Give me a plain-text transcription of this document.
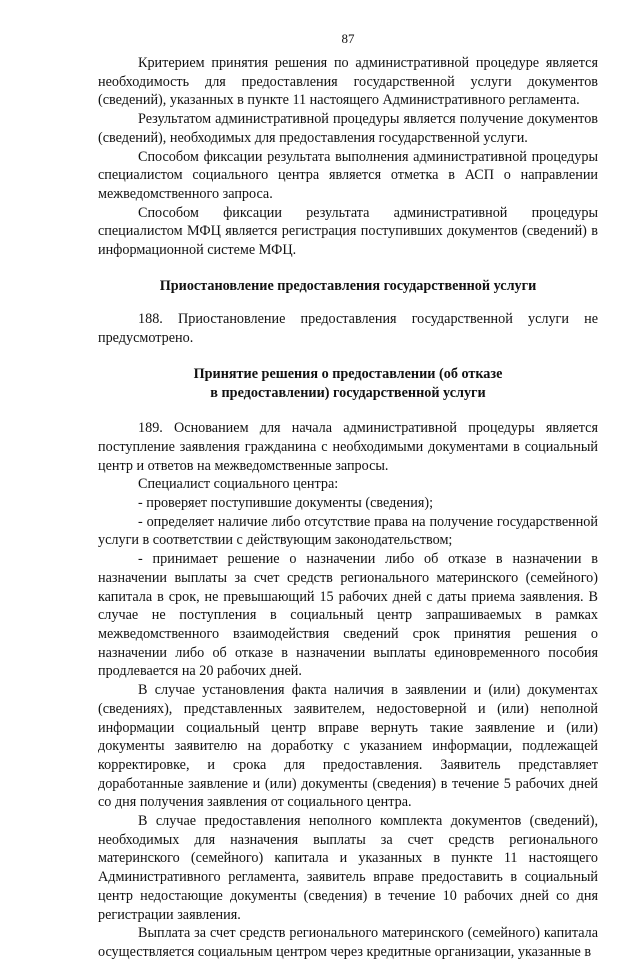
87
Критерием принятия решения по административной процедуре является необходимость для предоставления государственной услуги документов (сведений), указанных в пункте 11 настоящего Административного регламента.
Результатом административной процедуры является получение документов (сведений), необходимых для предоставления государственной услуги.
Способом фиксации результата выполнения административной процедуры специалистом социального центра является отметка в АСП о направлении межведомственного запроса.
Способом фиксации результата административной процедуры специалистом МФЦ является регистрация поступивших документов (сведений) в информационной системе МФЦ.
Приостановление предоставления государственной услуги
188. Приостановление предоставления государственной услуги не предусмотрено.
Принятие решения о предоставлении (об отказе
в предоставлении) государственной услуги
189. Основанием для начала административной процедуры является поступление заявления гражданина с необходимыми документами в социальный центр и ответов на межведомственные запросы.
Специалист социального центра:
- проверяет поступившие документы (сведения);
- определяет наличие либо отсутствие права на получение государственной услуги в соответствии с действующим законодательством;
- принимает решение о назначении либо об отказе в назначении в назначении выплаты за счет средств регионального материнского (семейного) капитала в срок, не превышающий 15 рабочих дней с даты приема заявления. В случае не поступления в социальный центр запрашиваемых в рамках межведомственного взаимодействия сведений срок принятия решения о назначении либо об отказе в назначении выплаты единовременного пособия продлевается на 20 рабочих дней.
В случае установления факта наличия в заявлении и (или) документах (сведениях), представленных заявителем, недостоверной и (или) неполной информации социальный центр вправе вернуть такие заявление и (или) документы заявителю на доработку с указанием информации, подлежащей корректировке, и срока для предоставления. Заявитель представляет доработанные заявление и (или) документы (сведения) в течение 5 рабочих дней со дня получения заявления от социального центра.
В случае предоставления неполного комплекта документов (сведений), необходимых для назначения выплаты за счет средств регионального материнского (семейного) капитала и указанных в пункте 11 настоящего Административного регламента, заявитель вправе предоставить в социальный центр недостающие документы (сведения) в течение 10 рабочих дней со дня регистрации заявления.
Выплата за счет средств регионального материнского (семейного) капитала осуществляется социальным центром через кредитные организации, указанные в
